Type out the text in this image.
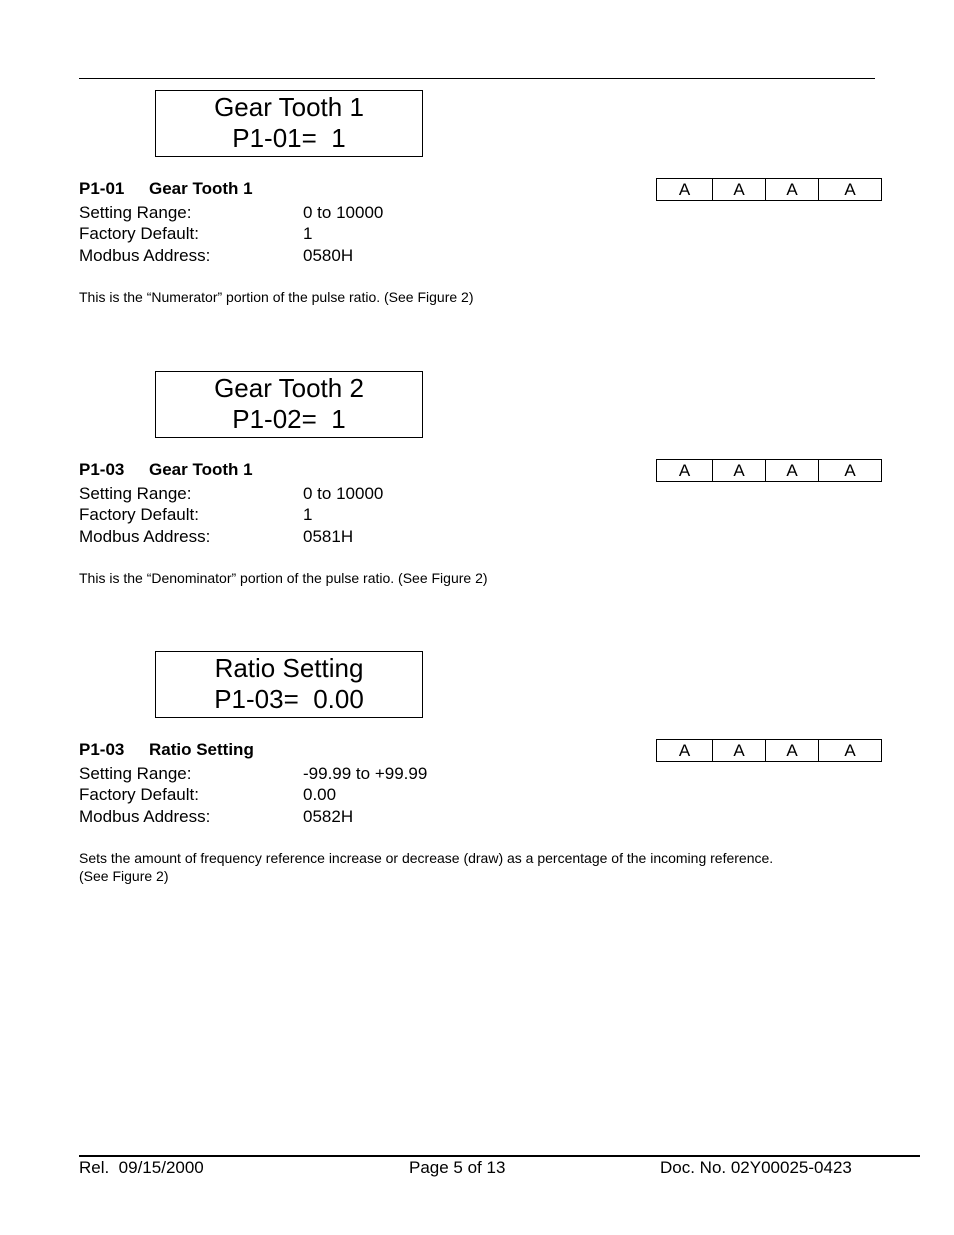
Gear Tooth 1
P1-01=  1
P1-01 Gear Tooth 1	A	A	A	A
Setting Range:	0 to 10000
Factory Default:	1
Modbus Address:	0580H
This is the “Numerator” portion of the pulse ratio. (See Figure 2)
Gear Tooth 2
P1-02=  1
P1-03 Gear Tooth 1	A	A	A	A
Setting Range:	0 to 10000
Factory Default:	1
Modbus Address:	0581H
This is the “Denominator” portion of the pulse ratio. (See Figure 2)
Ratio Setting
P1-03=  0.00
P1-03 Ratio Setting	A	A	A	A
Setting Range:	-99.99 to +99.99
Factory Default:	0.00
Modbus Address:	0582H
Sets the amount of frequency reference increase or decrease (draw) as a percentage of the incoming reference.
(See Figure 2)
Rel.  09/15/2000	Page 5 of 13	Doc. No. 02Y00025-0423
